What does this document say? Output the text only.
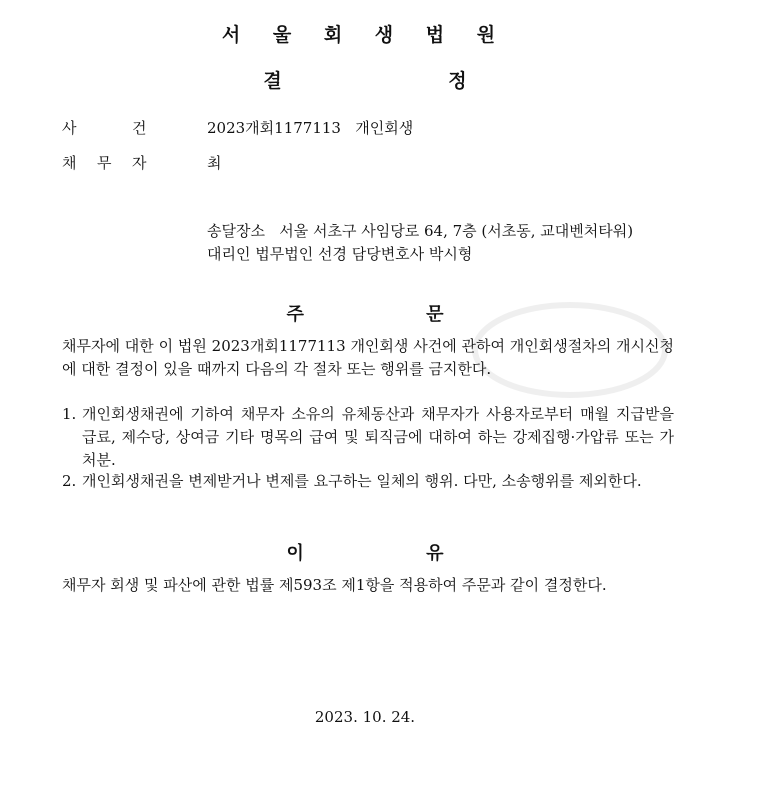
서 울 회 생 법 원
결 정
사	건	2023개회1177113   개인회생
채 무 자	최
송달장소   서울 서초구 사임당로 64, 7층 (서초동, 교대벤처타워)
대리인 법무법인 선경 담당변호사 박시형
주 문
채무자에 대한 이 법원 2023개회1177113 개인회생 사건에 관하여 개인회생절차의 개시신청에 대한 결정이 있을 때까지 다음의 각 절차 또는 행위를 금지한다.
1. 개인회생채권에 기하여 채무자 소유의 유체동산과 채무자가 사용자로부터 매월 지급받을 급료, 제수당, 상여금 기타 명목의 급여 및 퇴직금에 대하여 하는 강제집행·가압류 또는 가처분.
2. 개인회생채권을 변제받거나 변제를 요구하는 일체의 행위. 다만, 소송행위를 제외한다.
이 유
채무자 회생 및 파산에 관한 법률 제593조 제1항을 적용하여 주문과 같이 결정한다.
2023. 10. 24.
